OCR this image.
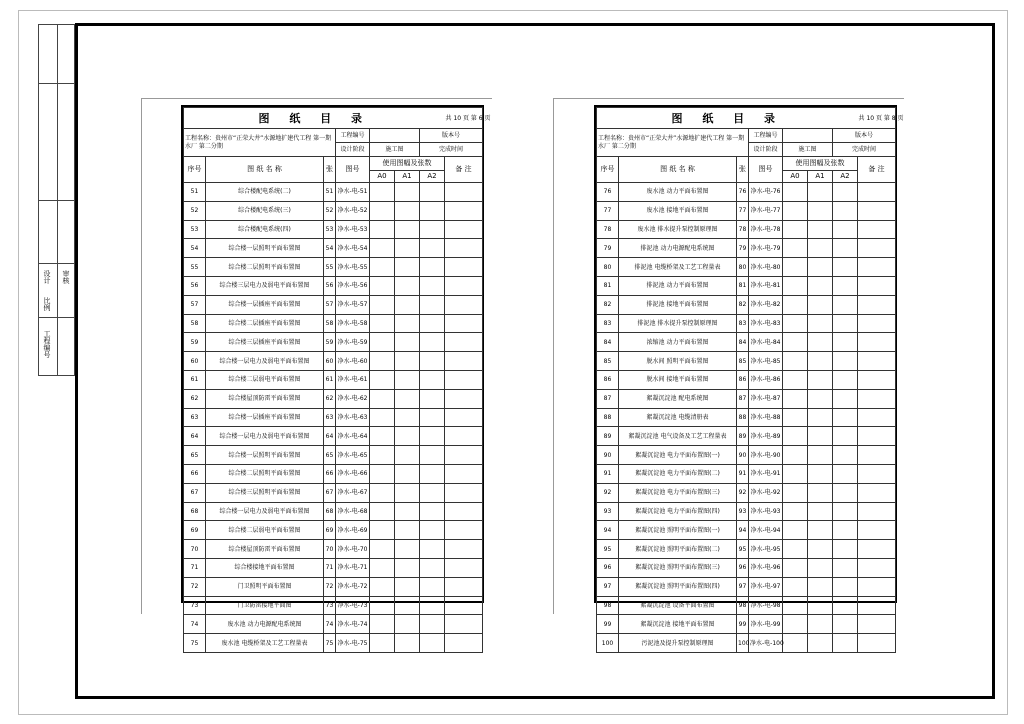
设计 审核
比例
工程编号
图 纸 目 录							共 10 页 第 6 页
工程名称：贵州市“正荣大井”水源地扩建代工程 第一期水厂 第二分期			工程编号			版本号	
			设计阶段	施工图		完成时间	
序号	图 纸 名 称	张	图号	使用图幅及张数			备 注
				A0	A1	A2	
51	综合楼配电系统(二)	51	净水-电-51				
52	综合楼配电系统(三)	52	净水-电-52				
53	综合楼配电系统(四)	53	净水-电-53				
54	综合楼一层照明平面布置图	54	净水-电-54				
55	综合楼二层照明平面布置图	55	净水-电-55				
56	综合楼三层电力及弱电平面布置图	56	净水-电-56				
57	综合楼一层插座平面布置图	57	净水-电-57				
58	综合楼二层插座平面布置图	58	净水-电-58				
59	综合楼三层插座平面布置图	59	净水-电-59				
60	综合楼一层电力及弱电平面布置图	60	净水-电-60				
61	综合楼二层弱电平面布置图	61	净水-电-61				
62	综合楼屋顶防雷平面布置图	62	净水-电-62				
63	综合楼一层插座平面布置图	63	净水-电-63				
64	综合楼一层电力及弱电平面布置图	64	净水-电-64				
65	综合楼一层照明平面布置图	65	净水-电-65				
66	综合楼二层照明平面布置图	66	净水-电-66				
67	综合楼三层照明平面布置图	67	净水-电-67				
68	综合楼一层电力及弱电平面布置图	68	净水-电-68				
69	综合楼二层弱电平面布置图	69	净水-电-69				
70	综合楼屋顶防雷平面布置图	70	净水-电-70				
71	综合楼接地平面布置图	71	净水-电-71				
72	门卫照明平面布置图	72	净水-电-72				
73	门卫防雷接地平面图	73	净水-电-73				
74	废水池 动力电源配电系统图	74	净水-电-74				
75	废水池 电缆桥架及工艺工程量表	75	净水-电-75				
图 纸 目 录							共 10 页 第 8 页
工程名称：贵州市“正荣大井”水源地扩建代工程 第一期水厂 第二分期			工程编号			版本号	
			设计阶段	施工图		完成时间	
序号	图 纸 名 称	张	图号	使用图幅及张数			备 注
				A0	A1	A2	
76	废水池 动力平面布置图	76	净水-电-76				
77	废水池 接地平面布置图	77	净水-电-77				
78	废水池 排水提升泵控制原理图	78	净水-电-78				
79	排泥池 动力电源配电系统图	79	净水-电-79				
80	排泥池 电缆桥架及工艺工程量表	80	净水-电-80				
81	排泥池 动力平面布置图	81	净水-电-81				
82	排泥池 接地平面布置图	82	净水-电-82				
83	排泥池 排水提升泵控制原理图	83	净水-电-83				
84	浓缩池 动力平面布置图	84	净水-电-84				
85	脱水间 照明平面布置图	85	净水-电-85				
86	脱水间 接地平面布置图	86	净水-电-86				
87	絮凝沉淀池 配电系统图	87	净水-电-87				
88	絮凝沉淀池 电缆清册表	88	净水-电-88				
89	絮凝沉淀池 电气设备及工艺工程量表	89	净水-电-89				
90	絮凝沉淀池 电力平面布置图(一)	90	净水-电-90				
91	絮凝沉淀池 电力平面布置图(二)	91	净水-电-91				
92	絮凝沉淀池 电力平面布置图(三)	92	净水-电-92				
93	絮凝沉淀池 电力平面布置图(四)	93	净水-电-93				
94	絮凝沉淀池 照明平面布置图(一)	94	净水-电-94				
95	絮凝沉淀池 照明平面布置图(二)	95	净水-电-95				
96	絮凝沉淀池 照明平面布置图(三)	96	净水-电-96				
97	絮凝沉淀池 照明平面布置图(四)	97	净水-电-97				
98	絮凝沉淀池 设备平面布置图	98	净水-电-98				
99	絮凝沉淀池 接地平面布置图	99	净水-电-99				
100	污泥池及提升泵控制原理图	100	净水-电-100				
